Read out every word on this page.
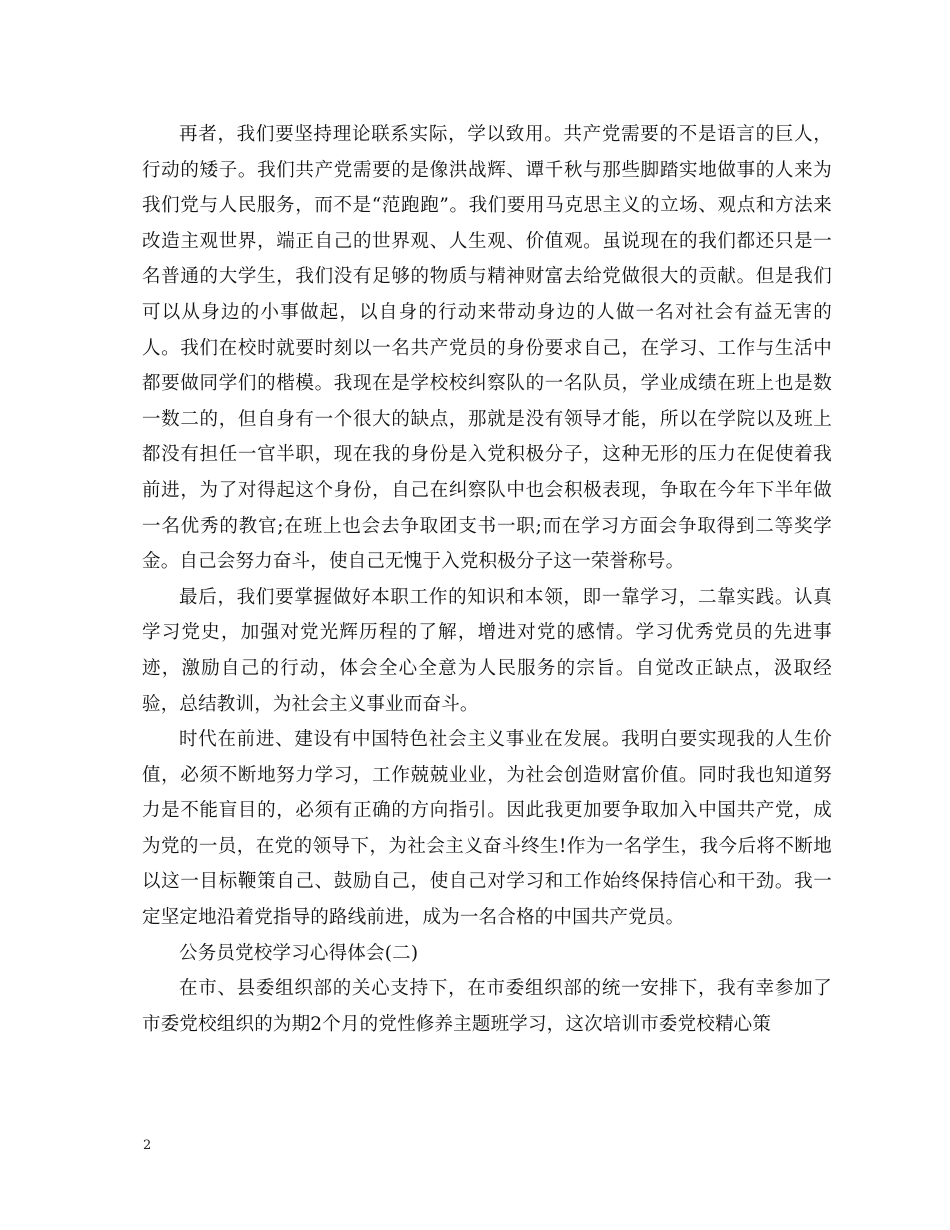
再者，我们要坚持理论联系实际，学以致用。共产党需要的不是语言的巨人，行动的矮子。我们共产党需要的是像洪战辉、谭千秋与那些脚踏实地做事的人来为我们党与人民服务，而不是“范跑跑”。我们要用马克思主义的立场、观点和方法来改造主观世界，端正自己的世界观、人生观、价值观。虽说现在的我们都还只是一名普通的大学生，我们没有足够的物质与精神财富去给党做很大的贡献。但是我们可以从身边的小事做起，以自身的行动来带动身边的人做一名对社会有益无害的人。我们在校时就要时刻以一名共产党员的身份要求自己，在学习、工作与生活中都要做同学们的楷模。我现在是学校校纠察队的一名队员，学业成绩在班上也是数一数二的，但自身有一个很大的缺点，那就是没有领导才能，所以在学院以及班上都没有担任一官半职，现在我的身份是入党积极分子，这种无形的压力在促使着我前进，为了对得起这个身份，自己在纠察队中也会积极表现，争取在今年下半年做一名优秀的教官;在班上也会去争取团支书一职;而在学习方面会争取得到二等奖学金。自己会努力奋斗，使自己无愧于入党积极分子这一荣誉称号。

最后，我们要掌握做好本职工作的知识和本领，即一靠学习，二靠实践。认真学习党史，加强对党光辉历程的了解，增进对党的感情。学习优秀党员的先进事迹，激励自己的行动，体会全心全意为人民服务的宗旨。自觉改正缺点，汲取经验，总结教训，为社会主义事业而奋斗。

时代在前进、建设有中国特色社会主义事业在发展。我明白要实现我的人生价值，必须不断地努力学习，工作兢兢业业，为社会创造财富价值。同时我也知道努力是不能盲目的，必须有正确的方向指引。因此我更加要争取加入中国共产党，成为党的一员，在党的领导下，为社会主义奋斗终生!作为一名学生，我今后将不断地以这一目标鞭策自己、鼓励自己，使自己对学习和工作始终保持信心和干劲。我一定坚定地沿着党指导的路线前进，成为一名合格的中国共产党员。

公务员党校学习心得体会(二)

在市、县委组织部的关心支持下，在市委组织部的统一安排下，我有幸参加了市委党校组织的为期2个月的党性修养主题班学习，这次培训市委党校精心策

2
